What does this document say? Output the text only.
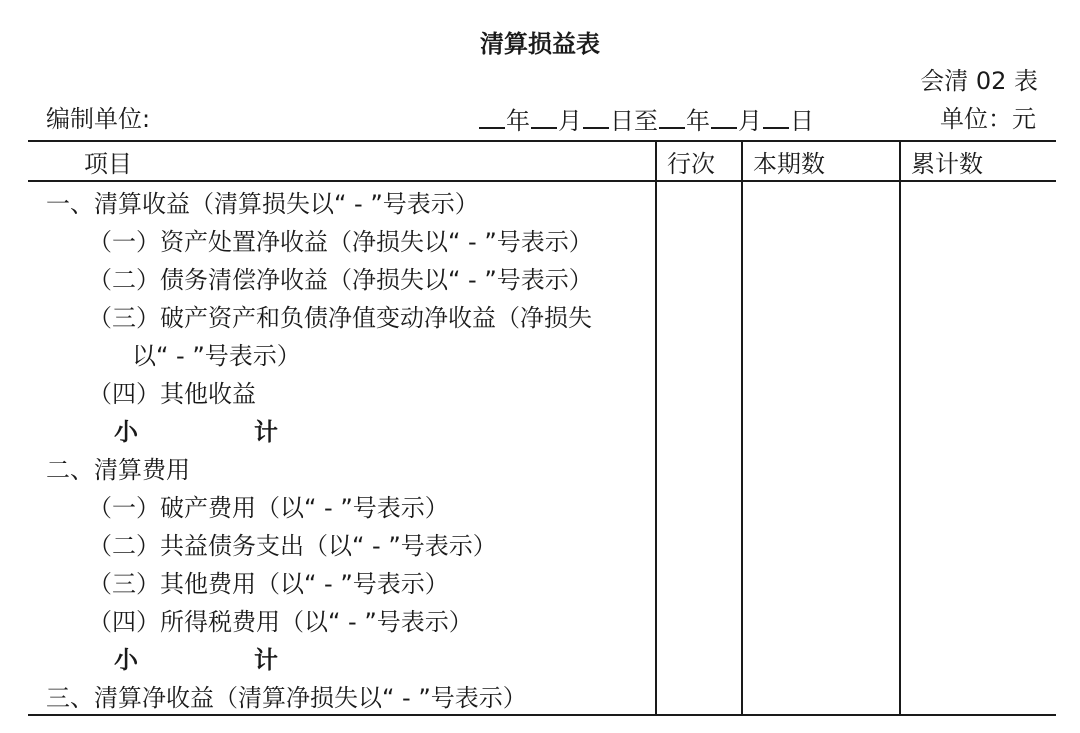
清算损益表
会清 02 表
编制单位:	年 月 日至 年 月 日	单位：元
项目	行次	本期数	累计数
一、清算收益（清算损失以“ - ”号表示）			
（一）资产处置净收益（净损失以“ - ”号表示）			
（二）债务清偿净收益（净损失以“ - ”号表示）			
（三）破产资产和负债净值变动净收益（净损失			
以“ - ”号表示）			
（四）其他收益			
小 计			
二、清算费用			
（一）破产费用（以“ - ”号表示）			
（二）共益债务支出（以“ - ”号表示）			
（三）其他费用（以“ - ”号表示）			
（四）所得税费用（以“ - ”号表示）			
小 计			
三、清算净收益（清算净损失以“ - ”号表示）			
